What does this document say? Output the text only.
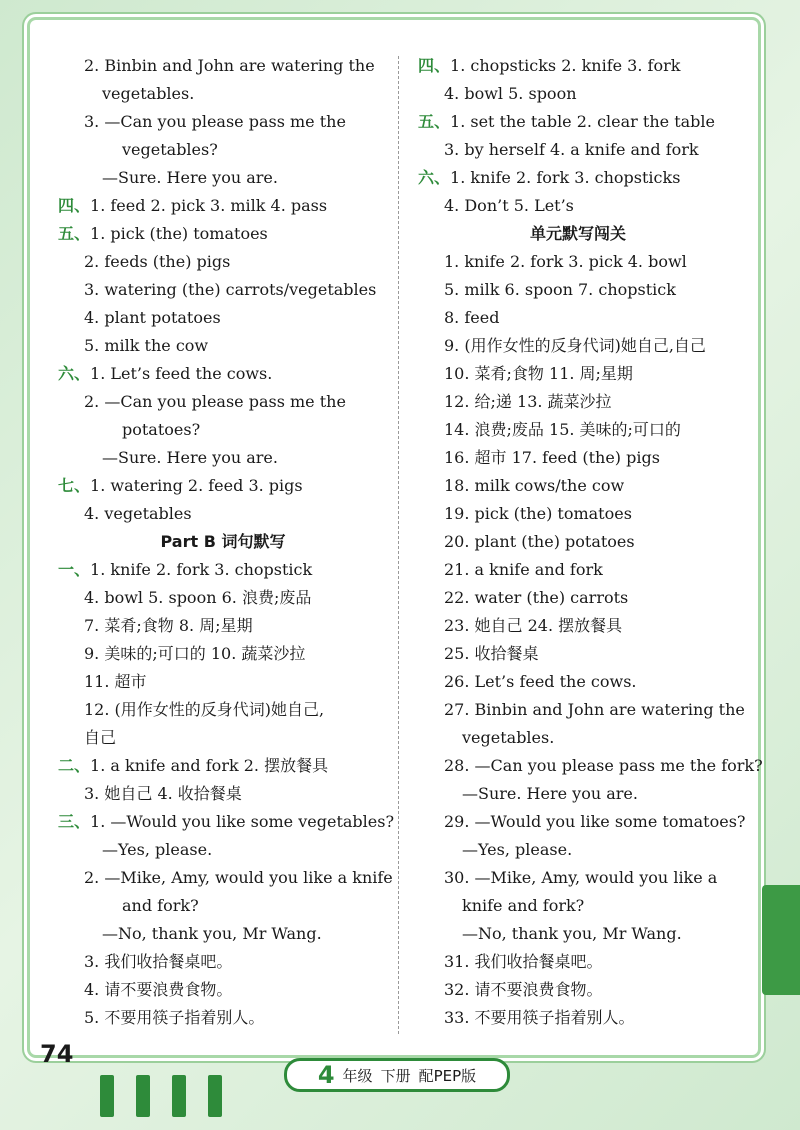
2. Binbin and John are watering the
vegetables.
3. —Can you please pass me the
vegetables?
—Sure. Here you are.
四、1. feed 2. pick 3. milk 4. pass
五、1. pick (the) tomatoes
2. feeds (the) pigs
3. watering (the) carrots/vegetables
4. plant potatoes
5. milk the cow
六、1. Let’s feed the cows.
2. —Can you please pass me the
potatoes?
—Sure. Here you are.
七、1. watering 2. feed 3. pigs
4. vegetables
Part B 词句默写
一、1. knife 2. fork 3. chopstick
4. bowl 5. spoon 6. 浪费;废品
7. 菜肴;食物 8. 周;星期
9. 美味的;可口的 10. 蔬菜沙拉
11. 超市
12. (用作女性的反身代词)她自己,
自己
二、1. a knife and fork 2. 摆放餐具
3. 她自己 4. 收拾餐桌
三、1. —Would you like some vegetables?
—Yes, please.
2. —Mike, Amy, would you like a knife
and fork?
—No, thank you, Mr Wang.
3. 我们收拾餐桌吧。
4. 请不要浪费食物。
5. 不要用筷子指着别人。
四、1. chopsticks 2. knife 3. fork
4. bowl 5. spoon
五、1. set the table 2. clear the table
3. by herself 4. a knife and fork
六、1. knife 2. fork 3. chopsticks
4. Don’t 5. Let’s
单元默写闯关
1. knife 2. fork 3. pick 4. bowl
5. milk 6. spoon 7. chopstick
8. feed
9. (用作女性的反身代词)她自己,自己
10. 菜肴;食物 11. 周;星期
12. 给;递 13. 蔬菜沙拉
14. 浪费;废品 15. 美味的;可口的
16. 超市 17. feed (the) pigs
18. milk cows/the cow
19. pick (the) tomatoes
20. plant (the) potatoes
21. a knife and fork
22. water (the) carrots
23. 她自己 24. 摆放餐具
25. 收拾餐桌
26. Let’s feed the cows.
27. Binbin and John are watering the
vegetables.
28. —Can you please pass me the fork?
—Sure. Here you are.
29. —Would you like some tomatoes?
—Yes, please.
30. —Mike, Amy, would you like a
knife and fork?
—No, thank you, Mr Wang.
31. 我们收拾餐桌吧。
32. 请不要浪费食物。
33. 不要用筷子指着别人。
74
4 年级 下册 配PEP版
